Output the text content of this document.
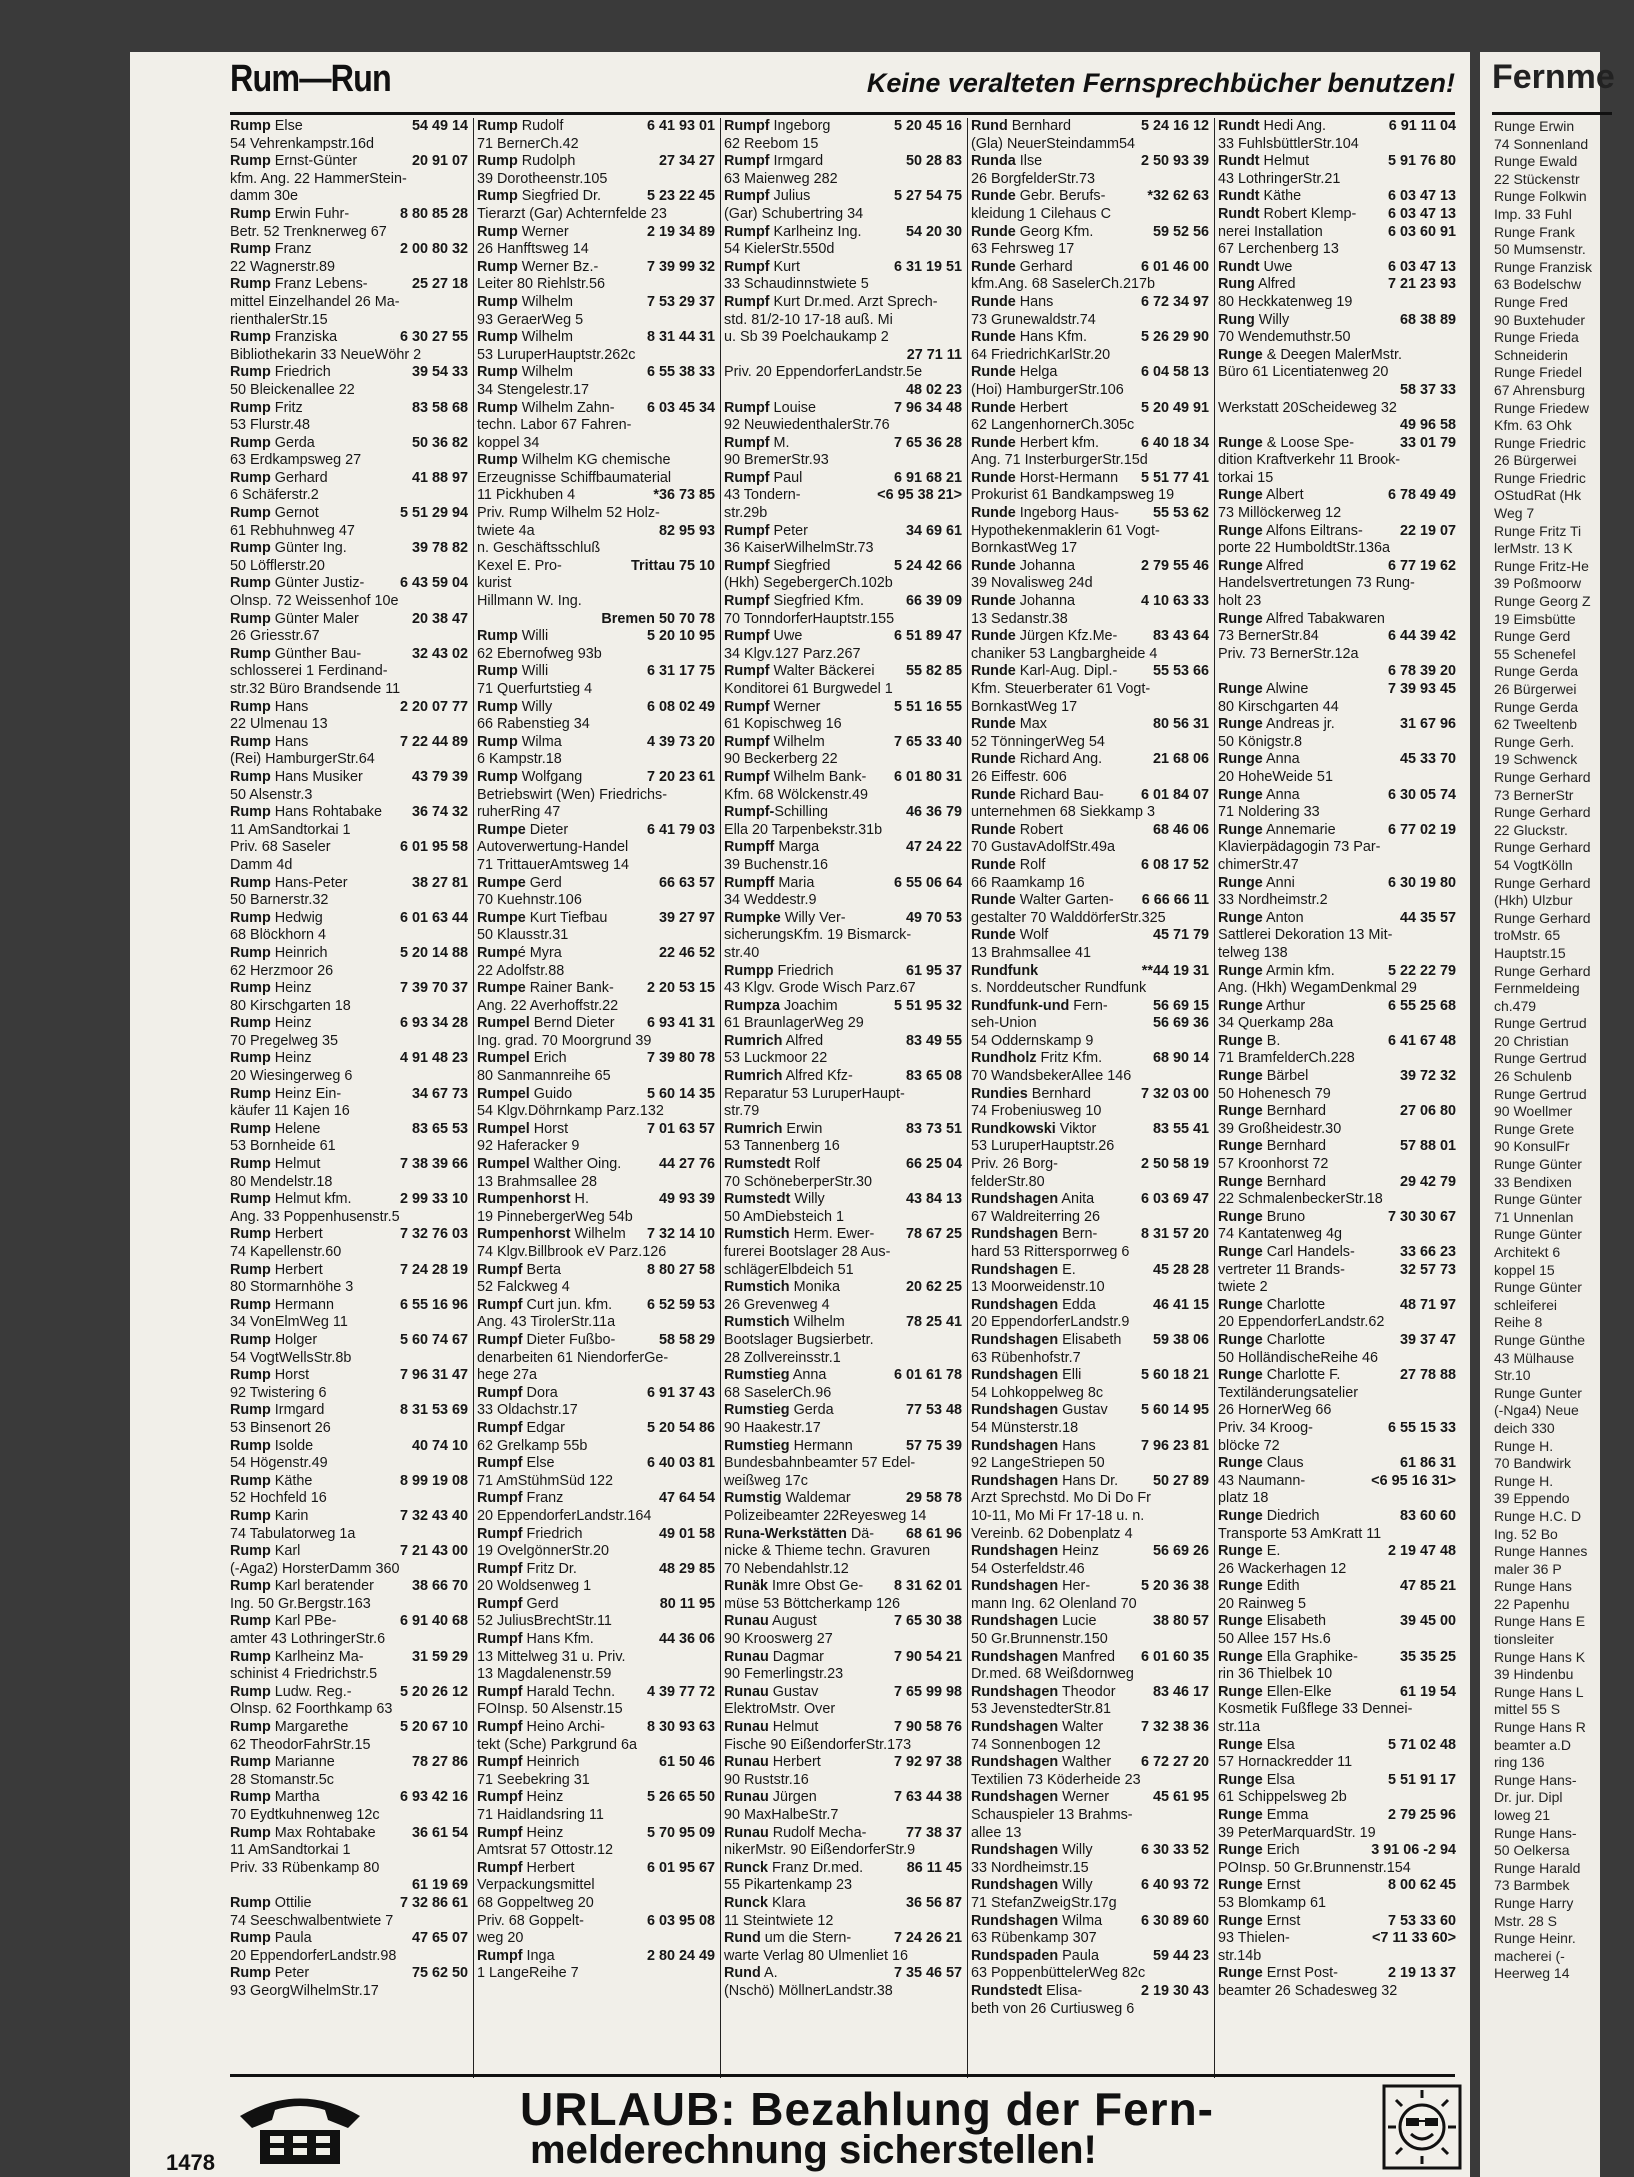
Rum—Run	Keine veralteten Fernsprechbücher benutzen!
Rump Else	54 49 14
54 Vehrenkampstr.16d
Rump Ernst-Günter	20 91 07
kfm. Ang. 22 HammerStein-
damm 30e
Rump Erwin Fuhr-	8 80 85 28
Betr. 52 Trenknerweg 67
Rump Franz	2 00 80 32
22 Wagnerstr.89
Rump Franz Lebens-	25 27 18
mittel Einzelhandel 26 Ma-
rienthalerStr.15
Rump Franziska	6 30 27 55
Bibliothekarin 33 NeueWöhr 2
Rump Friedrich	39 54 33
50 Bleickenallee 22
Rump Fritz	83 58 68
53 Flurstr.48
Rump Gerda	50 36 82
63 Erdkampsweg 27
Rump Gerhard	41 88 97
6 Schäferstr.2
Rump Gernot	5 51 29 94
61 Rebhuhnweg 47
Rump Günter Ing.	39 78 82
50 Löfflerstr.20
Rump Günter Justiz- 6 43 59 04
Olnsp. 72 Weissenhof 10e
Rump Günter Maler	20 38 47
26 Griesstr.67
Rump Günther Bau-	32 43 02
schlosserei 1 Ferdinand-
str.32 Büro Brandsende 11
Rump Hans	2 20 07 77
22 Ulmenau 13
Rump Hans	7 22 44 89
(Rei) HamburgerStr.64
Rump Hans Musiker	43 79 39
50 Alsenstr.3
Rump Hans Rohtabake 36 74 32
11 AmSandtorkai 1
Priv. 68 Saseler	6 01 95 58
Damm 4d
Rump Hans-Peter	38 27 81
50 Barnerstr.32
Rump Hedwig	6 01 63 44
68 Blöckhorn 4
Rump Heinrich	5 20 14 88
62 Herzmoor 26
Rump Heinz	7 39 70 37
80 Kirschgarten 18
Rump Heinz	6 93 34 28
70 Pregelweg 35
Rump Heinz	4 91 48 23
20 Wiesingerweg 6
Rump Heinz Ein-	34 67 73
käufer 11 Kajen 16
Rump Helene	83 65 53
53 Bornheide 61
Rump Helmut	7 38 39 66
80 Mendelstr.18
Rump Helmut kfm.	2 99 33 10
Ang. 33 Poppenhusenstr.5
Rump Herbert	7 32 76 03
74 Kapellenstr.60
Rump Herbert	7 24 28 19
80 Stormarnhöhe 3
Rump Hermann	6 55 16 96
34 VonElmWeg 11
Rump Holger	5 60 74 67
54 VogtWellsStr.8b
Rump Horst	7 96 31 47
92 Twistering 6
Rump Irmgard	8 31 53 69
53 Binsenort 26
Rump Isolde	40 74 10
54 Högenstr.49
Rump Käthe	8 99 19 08
52 Hochfeld 16
Rump Karin	7 32 43 40
74 Tabulatorweg 1a
Rump Karl	7 21 43 00
(-Aga2) HorsterDamm 360
Rump Karl beratender	38 66 70
Ing. 50 Gr.Bergstr.163
Rump Karl PBe-	6 91 40 68
amter 43 LothringerStr.6
Rump Karlheinz Ma-	31 59 29
schinist 4 Friedrichstr.5
Rump Ludw. Reg.-	5 20 26 12
Olnsp. 62 Foorthkamp 63
Rump Margarethe	5 20 67 10
62 TheodorFahrStr.15
Rump Marianne	78 27 86
28 Stomanstr.5c
Rump Martha	6 93 42 16
70 Eydtkuhnenweg 12c
Rump Max Rohtabake	36 61 54
11 AmSandtorkai 1
Priv. 33 Rübenkamp 80
61 19 69
Rump Ottilie	7 32 86 61
74 Seeschwalbentwiete 7
Rump Paula	47 65 07
20 EppendorferLandstr.98
Rump Peter	75 62 50
93 GeorgWilhelmStr.17
Rump Rudolf	6 41 93 01
71 BernerCh.42
Rump Rudolph	27 34 27
39 Dorotheenstr.105
Rump Siegfried Dr.	5 23 22 45
Tierarzt (Gar) Achternfelde 23
Rump Werner	2 19 34 89
26 Hanfftsweg 14
Rump Werner Bz.-	7 39 99 32
Leiter 80 Riehlstr.56
Rump Wilhelm	7 53 29 37
93 GeraerWeg 5
Rump Wilhelm	8 31 44 31
53 LuruperHauptstr.262c
Rump Wilhelm	6 55 38 33
34 Stengelestr.17
Rump Wilhelm Zahn- 6 03 45 34
techn. Labor 67 Fahren-
koppel 34
Rump Wilhelm KG chemische
Erzeugnisse Schiffbaumaterial
11 Pickhuben 4	*36 73 85
Priv. Rump Wilhelm 52 Holz-
twiete 4a	82 95 93
n. Geschäftsschluß
Kexel E. Pro-	Trittau 75 10
kurist
Hillmann W. Ing.
Bremen 50 70 78
Rump Willi	5 20 10 95
62 Ebernofweg 93b
Rump Willi	6 31 17 75
71 Querfurtstieg 4
Rump Willy	6 08 02 49
66 Rabenstieg 34
Rump Wilma	4 39 73 20
6 Kampstr.18
Rump Wolfgang	7 20 23 61
Betriebswirt (Wen) Friedrichs-
ruherRing 47
Rumpe Dieter	6 41 79 03
Autoverwertung-Handel
71 TrittauerAmtsweg 14
Rumpe Gerd	66 63 57
70 Kuehnstr.106
Rumpe Kurt Tiefbau	39 27 97
50 Klausstr.31
Rumpé Myra	22 46 52
22 Adolfstr.88
Rumpe Rainer Bank- 2 20 53 15
Ang. 22 Averhoffstr.22
Rumpel Bernd Dieter 6 93 41 31
Ing. grad. 70 Moorgrund 39
Rumpel Erich	7 39 80 78
80 Sanmannreihe 65
Rumpel Guido	5 60 14 35
54 Klgv.Döhrnkamp Parz.132
Rumpel Horst	7 01 63 57
92 Haferacker 9
Rumpel Walther Oing.	44 27 76
13 Brahmsallee 28
Rumpenhorst H.	49 93 39
19 PinnebergerWeg 54b
Rumpenhorst Wilhelm 7 32 14 10
74 Klgv.Billbrook eV Parz.126
Rumpf Berta	8 80 27 58
52 Falckweg 4
Rumpf Curt jun. kfm. 6 52 59 53
Ang. 43 TirolerStr.11a
Rumpf Dieter Fußbo-	58 58 29
denarbeiten 61 NiendorferGe-
hege 27a
Rumpf Dora	6 91 37 43
33 Oldachstr.17
Rumpf Edgar	5 20 54 86
62 Grelkamp 55b
Rumpf Else	6 40 03 81
71 AmStühmSüd 122
Rumpf Franz	47 64 54
20 EppendorferLandstr.164
Rumpf Friedrich	49 01 58
19 OvelgönnerStr.20
Rumpf Fritz Dr.	48 29 85
20 Woldsenweg 1
Rumpf Gerd	80 11 95
52 JuliusBrechtStr.11
Rumpf Hans Kfm.	44 36 06
13 Mittelweg 31 u. Priv.
13 Magdalenenstr.59
Rumpf Harald Techn. 4 39 77 72
FOInsp. 50 Alsenstr.15
Rumpf Heino Archi-	8 30 93 63
tekt (Sche) Parkgrund 6a
Rumpf Heinrich	61 50 46
71 Seebekring 31
Rumpf Heinz	5 26 65 50
71 Haidlandsring 11
Rumpf Heinz	5 70 95 09
Amtsrat 57 Ottostr.12
Rumpf Herbert	6 01 95 67
Verpackungsmittel
68 Goppeltweg 20
Priv. 68 Goppelt-	6 03 95 08
weg 20
Rumpf Inga	2 80 24 49
1 LangeReihe 7
Rumpf Ingeborg	5 20 45 16
62 Reebom 15
Rumpf Irmgard	50 28 83
63 Maienweg 282
Rumpf Julius	5 27 54 75
(Gar) Schubertring 34
Rumpf Karlheinz Ing.	54 20 30
54 KielerStr.550d
Rumpf Kurt	6 31 19 51
33 Schaudinnstwiete 5
Rumpf Kurt Dr.med. Arzt Sprech-
std. 81/2-10 17-18 auß. Mi
u. Sb 39 Poelchaukamp 2
27 71 11
Priv. 20 EppendorferLandstr.5e
48 02 23
Rumpf Louise	7 96 34 48
92 NeuwiedenthalerStr.76
Rumpf M.	7 65 36 28
90 BremerStr.93
Rumpf Paul	6 91 68 21
43 Tondern-	<6 95 38 21>
str.29b
Rumpf Peter	34 69 61
36 KaiserWilhelmStr.73
Rumpf Siegfried	5 24 42 66
(Hkh) SegebergerCh.102b
Rumpf Siegfried Kfm.	66 39 09
70 TonndorferHauptstr.155
Rumpf Uwe	6 51 89 47
34 Klgv.127 Parz.267
Rumpf Walter Bäckerei 55 82 85
Konditorei 61 Burgwedel 1
Rumpf Werner	5 51 16 55
61 Kopischweg 16
Rumpf Wilhelm	7 65 33 40
90 Beckerberg 22
Rumpf Wilhelm Bank- 6 01 80 31
Kfm. 68 Wölckenstr.49
Rumpf-Schilling	46 36 79
Ella 20 Tarpenbekstr.31b
Rumpff Marga	47 24 22
39 Buchenstr.16
Rumpff Maria	6 55 06 64
34 Weddestr.9
Rumpke Willy Ver-	49 70 53
sicherungsKfm. 19 Bismarck-
str.40
Rumpp Friedrich	61 95 37
43 Klgv. Grode Wisch Parz.67
Rumpza Joachim	5 51 95 32
61 BraunlagerWeg 29
Rumrich Alfred	83 49 55
53 Luckmoor 22
Rumrich Alfred Kfz-	83 65 08
Reparatur 53 LuruperHaupt-
str.79
Rumrich Erwin	83 73 51
53 Tannenberg 16
Rumstedt Rolf	66 25 04
70 SchöneberperStr.30
Rumstedt Willy	43 84 13
50 AmDiebsteich 1
Rumstich Herm. Ewer- 78 67 25
furerei Bootslager 28 Aus-
schlägerElbdeich 51
Rumstich Monika	20 62 25
26 Grevenweg 4
Rumstich Wilhelm	78 25 41
Bootslager Bugsierbetr.
28 Zollvereinsstr.1
Rumstieg Anna	6 01 61 78
68 SaselerCh.96
Rumstieg Gerda	77 53 48
90 Haakestr.17
Rumstieg Hermann	57 75 39
Bundesbahnbeamter 57 Edel-
weißweg 17c
Rumstig Waldemar	29 58 78
Polizeibeamter 22Reyesweg 14
Runa-Werkstätten Dä- 68 61 96
nicke & Thieme techn. Gravuren
70 Nebendahlstr.12
Runäk Imre Obst Ge- 8 31 62 01
müse 53 Böttcherkamp 126
Runau August	7 65 30 38
90 Krooswerg 27
Runau Dagmar	7 90 54 21
90 Femerlingstr.23
Runau Gustav	7 65 99 98
ElektroMstr. Over
Runau Helmut	7 90 58 76
Fische 90 EißendorferStr.173
Runau Herbert	7 92 97 38
90 Ruststr.16
Runau Jürgen	7 63 44 38
90 MaxHalbeStr.7
Runau Rudolf Mecha-	77 38 37
nikerMstr. 90 EißendorferStr.9
Runck Franz Dr.med.	86 11 45
55 Pikartenkamp 23
Runck Klara	36 56 87
11 Steintwiete 12
Rund um die Stern-	7 24 26 21
warte Verlag 80 Ulmenliet 16
Rund A.	7 35 46 57
(Nschö) MöllnerLandstr.38
Rund Bernhard	5 24 16 12
(Gla) NeuerSteindamm54
Runda Ilse	2 50 93 39
26 BorgfelderStr.73
Runde Gebr. Berufs-	*32 62 63
kleidung 1 Cilehaus C
Runde Georg Kfm.	59 52 56
63 Fehrsweg 17
Runde Gerhard	6 01 46 00
kfm.Ang. 68 SaselerCh.217b
Runde Hans	6 72 34 97
73 Grunewaldstr.74
Runde Hans Kfm.	5 26 29 90
64 FriedrichKarlStr.20
Runde Helga	6 04 58 13
(Hoi) HamburgerStr.106
Runde Herbert	5 20 49 91
62 LangenhornerCh.305c
Runde Herbert kfm.	6 40 18 34
Ang. 71 InsterburgerStr.15d
Runde Horst-Hermann 5 51 77 41
Prokurist 61 Bandkampsweg 19
Runde Ingeborg Haus- 55 53 62
Hypothekenmaklerin 61 Vogt-
BornkastWeg 17
Runde Johanna	2 79 55 46
39 Novalisweg 24d
Runde Johanna	4 10 63 33
13 Sedanstr.38
Runde Jürgen Kfz.Me- 83 43 64
chaniker 53 Langbargheide 4
Runde Karl-Aug. Dipl.- 55 53 66
Kfm. Steuerberater 61 Vogt-
BornkastWeg 17
Runde Max	80 56 31
52 TönningerWeg 54
Runde Richard Ang.	21 68 06
26 Eiffestr. 606
Runde Richard Bau-	6 01 84 07
unternehmen 68 Siekkamp 3
Runde Robert	68 46 06
70 GustavAdolfStr.49a
Runde Rolf	6 08 17 52
66 Raamkamp 16
Runde Walter Garten- 6 66 66 11
gestalter 70 WalddörferStr.325
Runde Wolf	45 71 79
13 Brahmsallee 41
Rundfunk	**44 19 31
s. Norddeutscher Rundfunk
Rundfunk-und Fern-	56 69 15
seh-Union	56 69 36
54 Oddernskamp 9
Rundholz Fritz Kfm.	68 90 14
70 WandsbekerAllee 146
Rundies Bernhard	7 32 03 00
74 Frobeniusweg 10
Rundkowski Viktor	83 55 41
53 LuruperHauptstr.26
Priv. 26 Borg-	2 50 58 19
felderStr.80
Rundshagen Anita	6 03 69 47
67 Waldreiterring 26
Rundshagen Bern-	8 31 57 20
hard 53 Rittersporrweg 6
Rundshagen E.	45 28 28
13 Moorweidenstr.10
Rundshagen Edda	46 41 15
20 EppendorferLandstr.9
Rundshagen Elisabeth 59 38 06
63 Rübenhofstr.7
Rundshagen Elli	5 60 18 21
54 Lohkoppelweg 8c
Rundshagen Gustav 5 60 14 95
54 Münsterstr.18
Rundshagen Hans	7 96 23 81
92 LangeStriepen 50
Rundshagen Hans Dr. 50 27 89
Arzt Sprechstd. Mo Di Do Fr
10-11, Mo Mi Fr 17-18 u. n.
Vereinb. 62 Dobenplatz 4
Rundshagen Heinz	56 69 26
54 Osterfeldstr.46
Rundshagen Her-	5 20 36 38
mann Ing. 62 Olenland 70
Rundshagen Lucie	38 80 57
50 Gr.Brunnenstr.150
Rundshagen Manfred 6 01 60 35
Dr.med. 68 Weißdornweg
Rundshagen Theodor	83 46 17
53 JevenstedterStr.81
Rundshagen Walter	7 32 38 36
74 Sonnenbogen 12
Rundshagen Walther 6 72 27 20
Textilien 73 Köderheide 23
Rundshagen Werner	45 61 95
Schauspieler 13 Brahms-
allee 13
Rundshagen Willy	6 30 33 52
33 Nordheimstr.15
Rundshagen Willy	6 40 93 72
71 StefanZweigStr.17g
Rundshagen Wilma	6 30 89 60
63 Rübenkamp 307
Rundspaden Paula	59 44 23
63 PoppenbüttelerWeg 82c
Rundstedt Elisa-	2 19 30 43
beth von 26 Curtiusweg 6
Rundt Hedi Ang.	6 91 11 04
33 FuhlsbüttlerStr.104
Rundt Helmut	5 91 76 80
43 LothringerStr.21
Rundt Käthe	6 03 47 13
Rundt Robert Klemp- 6 03 47 13
nerei Installation	6 03 60 91
67 Lerchenberg 13
Rundt Uwe	6 03 47 13
Rung Alfred	7 21 23 93
80 Heckkatenweg 19
Rung Willy	68 38 89
70 Wendemuthstr.50
Runge & Deegen MalerMstr.
Büro 61 Licentiatenweg 20
58 37 33
Werkstatt 20Scheideweg 32
49 96 58
Runge & Loose Spe-	33 01 79
dition Kraftverkehr 11 Brook-
torkai 15
Runge Albert	6 78 49 49
73 Millöckerweg 12
Runge Alfons Eiltrans-	22 19 07
porte 22 HumboldtStr.136a
Runge Alfred	6 77 19 62
Handelsvertretungen 73 Rung-
holt 23
Runge Alfred Tabakwaren
73 BernerStr.84	6 44 39 42
Priv. 73 BernerStr.12a
6 78 39 20
Runge Alwine	7 39 93 45
80 Kirschgarten 44
Runge Andreas jr.	31 67 96
50 Königstr.8
Runge Anna	45 33 70
20 HoheWeide 51
Runge Anna	6 30 05 74
71 Noldering 33
Runge Annemarie	6 77 02 19
Klavierpädagogin 73 Par-
chimerStr.47
Runge Anni	6 30 19 80
33 Nordheimstr.2
Runge Anton	44 35 57
Sattlerei Dekoration 13 Mit-
telweg 138
Runge Armin kfm.	5 22 22 79
Ang. (Hkh) WegamDenkmal 29
Runge Arthur	6 55 25 68
34 Querkamp 28a
Runge B.	6 41 67 48
71 BramfelderCh.228
Runge Bärbel	39 72 32
50 Hohenesch 79
Runge Bernhard	27 06 80
39 Großheidestr.30
Runge Bernhard	57 88 01
57 Kroonhorst 72
Runge Bernhard	29 42 79
22 SchmalenbeckerStr.18
Runge Bruno	7 30 30 67
74 Kantatenweg 4g
Runge Carl Handels-	33 66 23
vertreter 11 Brands-	32 57 73
twiete 2
Runge Charlotte	48 71 97
20 EppendorferLandstr.62
Runge Charlotte	39 37 47
50 HolländischeReihe 46
Runge Charlotte F.	27 78 88
Textiländerungsatelier
26 HornerWeg 66
Priv. 34 Kroog-	6 55 15 33
blöcke 72
Runge Claus	61 86 31
43 Naumann-	<6 95 16 31>
platz 18
Runge Diedrich	83 60 60
Transporte 53 AmKratt 11
Runge E.	2 19 47 48
26 Wackerhagen 12
Runge Edith	47 85 21
20 Rainweg 5
Runge Elisabeth	39 45 00
50 Allee 157 Hs.6
Runge Ella Graphike-	35 35 25
rin 36 Thielbek 10
Runge Ellen-Elke	61 19 54
Kosmetik Fußflege 33 Dennei-
str.11a
Runge Elsa	5 71 02 48
57 Hornackredder 11
Runge Elsa	5 51 91 17
61 Schippelsweg 2b
Runge Emma	2 79 25 96
39 PeterMarquardStr. 19
Runge Erich	3 91 06 -2 94
POInsp. 50 Gr.Brunnenstr.154
Runge Ernst	8 00 62 45
53 Blomkamp 61
Runge Ernst	7 53 33 60
93 Thielen-	<7 11 33 60>
str.14b
Runge Ernst Post-	2 19 13 37
beamter 26 Schadesweg 32
URLAUB: Bezahlung der Fern-
melderechnung sicherstellen!
1478
Fernme
Runge Erwin
74 Sonnenland
Runge Ewald
22 Stückenstr
Runge Folkwin
Imp. 33 Fuhl
Runge Frank
50 Mumsenstr.
Runge Franzisk
63 Bodelschw
Runge Fred
90 Buxtehuder
Runge Frieda
Schneiderin
Runge Friedel
67 Ahrensburg
Runge Friedew
Kfm. 63 Ohk
Runge Friedric
26 Bürgerwei
Runge Friedric
OStudRat (Hk
Weg 7
Runge Fritz Ti
lerMstr. 13 K
Runge Fritz-He
39 Poßmoorw
Runge Georg Z
19 Eimsbütte
Runge Gerd
55 Schenefel
Runge Gerda
26 Bürgerwei
Runge Gerda
62 Tweeltenb
Runge Gerh.
19 Schwenck
Runge Gerhard
73 BernerStr
Runge Gerhard
22 Gluckstr.
Runge Gerhard
54 VogtKölln
Runge Gerhard
(Hkh) Ulzbur
Runge Gerhard
troMstr. 65
Hauptstr.15
Runge Gerhard
Fernmeldeing
ch.479
Runge Gertrud
20 Christian
Runge Gertrud
26 Schulenb
Runge Gertrud
90 Woellmer
Runge Grete
90 KonsulFr
Runge Günter
33 Bendixen
Runge Günter
71 Unnenlan
Runge Günter
Architekt 6
koppel 15
Runge Günter
schleiferei
Reihe 8
Runge Günthe
43 Mülhause
Str.10
Runge Gunter
(-Nga4) Neue
deich 330
Runge H.
70 Bandwirk
Runge H.
39 Eppendo
Runge H.C. D
Ing. 52 Bo
Runge Hannes
maler 36 P
Runge Hans
22 Papenhu
Runge Hans E
tionsleiter
Runge Hans K
39 Hindenbu
Runge Hans L
mittel 55 S
Runge Hans R
beamter a.D
ring 136
Runge Hans-
Dr. jur. Dipl
loweg 21
Runge Hans-
50 Oelkersa
Runge Harald
73 Barmbek
Runge Harry
Mstr. 28 S
Runge Heinr.
macherei (-
Heerweg 14
